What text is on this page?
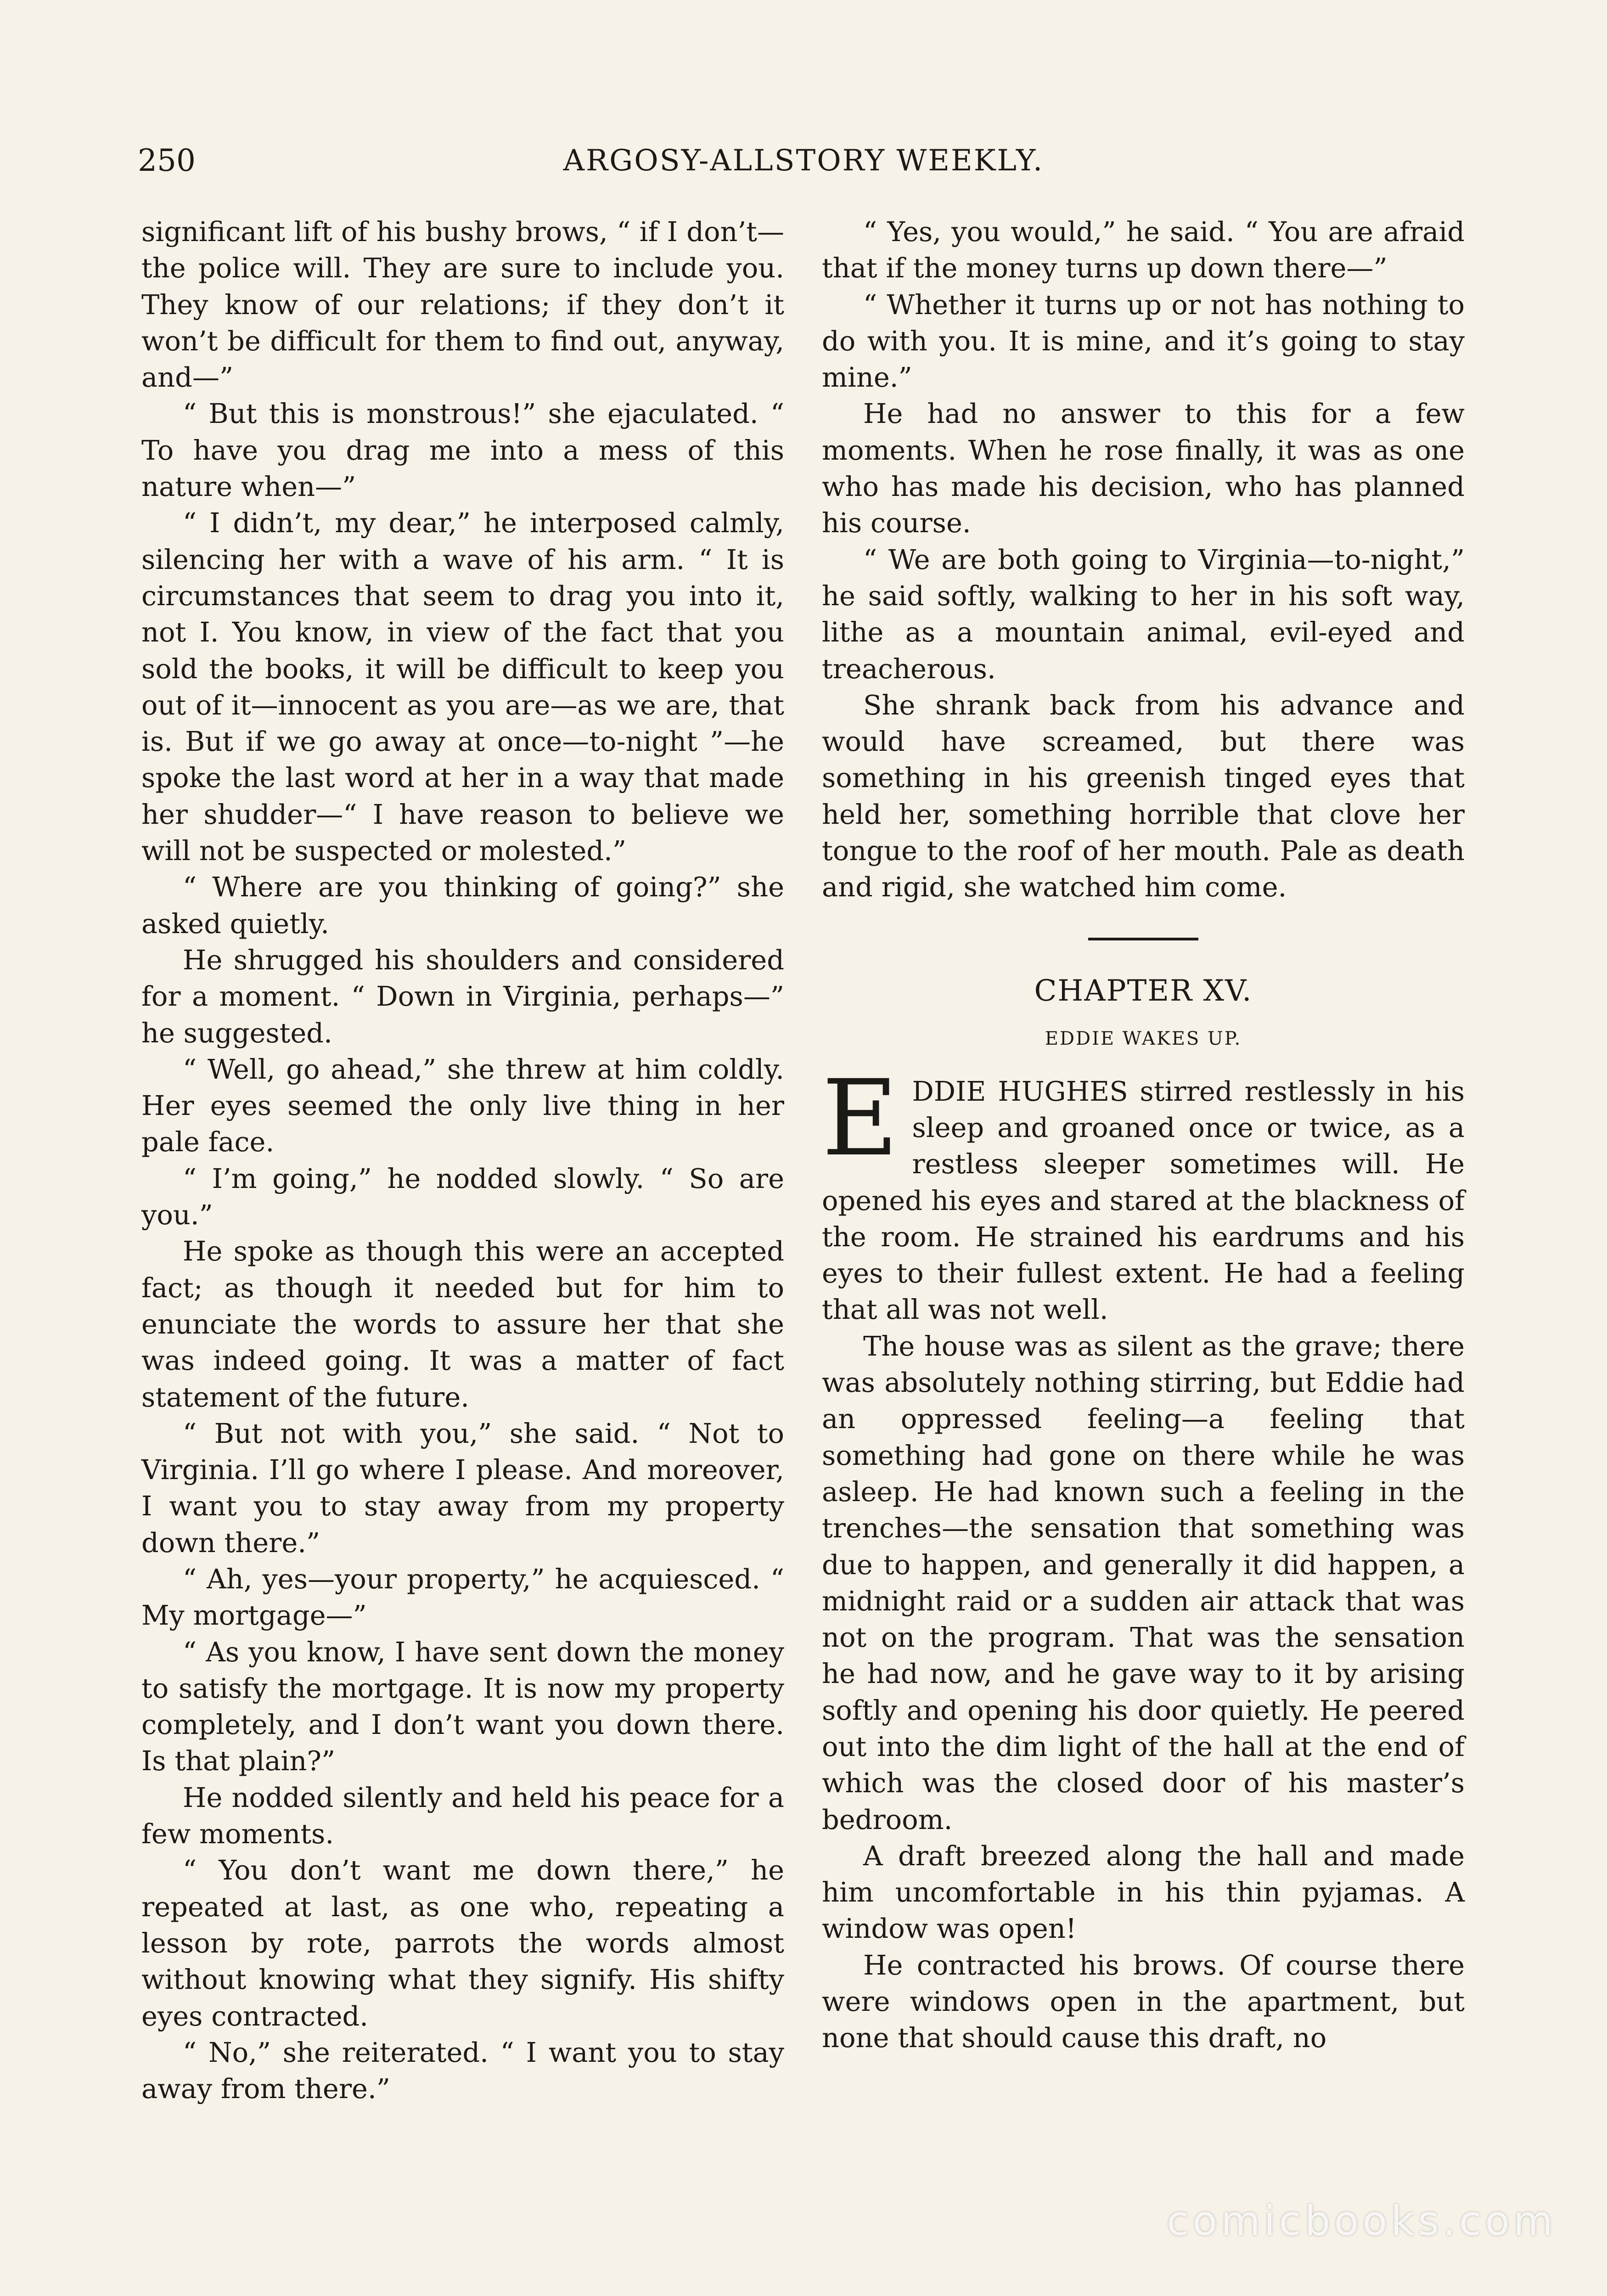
250	ARGOSY-ALLSTORY WEEKLY.

significant lift of his bushy brows, “ if I don’t—the police will. They are sure to include you. They know of our relations; if they don’t it won’t be difficult for them to find out, anyway, and—”

“ But this is monstrous!” she ejaculated. “ To have you drag me into a mess of this nature when—”

“ I didn’t, my dear,” he interposed calmly, silencing her with a wave of his arm. “ It is circumstances that seem to drag you into it, not I. You know, in view of the fact that you sold the books, it will be difficult to keep you out of it—innocent as you are—as we are, that is. But if we go away at once—to-night ”—he spoke the last word at her in a way that made her shudder—“ I have reason to believe we will not be suspected or molested.”

“ Where are you thinking of going?” she asked quietly.

He shrugged his shoulders and considered for a moment. “ Down in Virginia, perhaps—” he suggested.

“ Well, go ahead,” she threw at him coldly. Her eyes seemed the only live thing in her pale face.

“ I’m going,” he nodded slowly. “ So are you.”

He spoke as though this were an accepted fact; as though it needed but for him to enunciate the words to assure her that she was indeed going. It was a matter of fact statement of the future.

“ But not with you,” she said. “ Not to Virginia. I’ll go where I please. And moreover, I want you to stay away from my property down there.”

“ Ah, yes—your property,” he acquiesced. “ My mortgage—”

“ As you know, I have sent down the money to satisfy the mortgage. It is now my property completely, and I don’t want you down there. Is that plain?”

He nodded silently and held his peace for a few moments.

“ You don’t want me down there,” he repeated at last, as one who, repeating a lesson by rote, parrots the words almost without knowing what they signify. His shifty eyes contracted.

“ No,” she reiterated. “ I want you to stay away from there.”

“ Yes, you would,” he said. “ You are afraid that if the money turns up down there—”

“ Whether it turns up or not has nothing to do with you. It is mine, and it’s going to stay mine.”

He had no answer to this for a few moments. When he rose finally, it was as one who has made his decision, who has planned his course.

“ We are both going to Virginia—to-night,” he said softly, walking to her in his soft way, lithe as a mountain animal, evil-eyed and treacherous.

She shrank back from his advance and would have screamed, but there was something in his greenish tinged eyes that held her, something horrible that clove her tongue to the roof of her mouth. Pale as death and rigid, she watched him come.

CHAPTER XV.
EDDIE WAKES UP.

EDDIE HUGHES stirred restlessly in his sleep and groaned once or twice, as a restless sleeper sometimes will. He opened his eyes and stared at the blackness of the room. He strained his eardrums and his eyes to their fullest extent. He had a feeling that all was not well.

The house was as silent as the grave; there was absolutely nothing stirring, but Eddie had an oppressed feeling—a feeling that something had gone on there while he was asleep. He had known such a feeling in the trenches—the sensation that something was due to happen, and generally it did happen, a midnight raid or a sudden air attack that was not on the program. That was the sensation he had now, and he gave way to it by arising softly and opening his door quietly. He peered out into the dim light of the hall at the end of which was the closed door of his master’s bedroom.

A draft breezed along the hall and made him uncomfortable in his thin pyjamas. A window was open!

He contracted his brows. Of course there were windows open in the apartment, but none that should cause this draft, no

comicbooks.com
